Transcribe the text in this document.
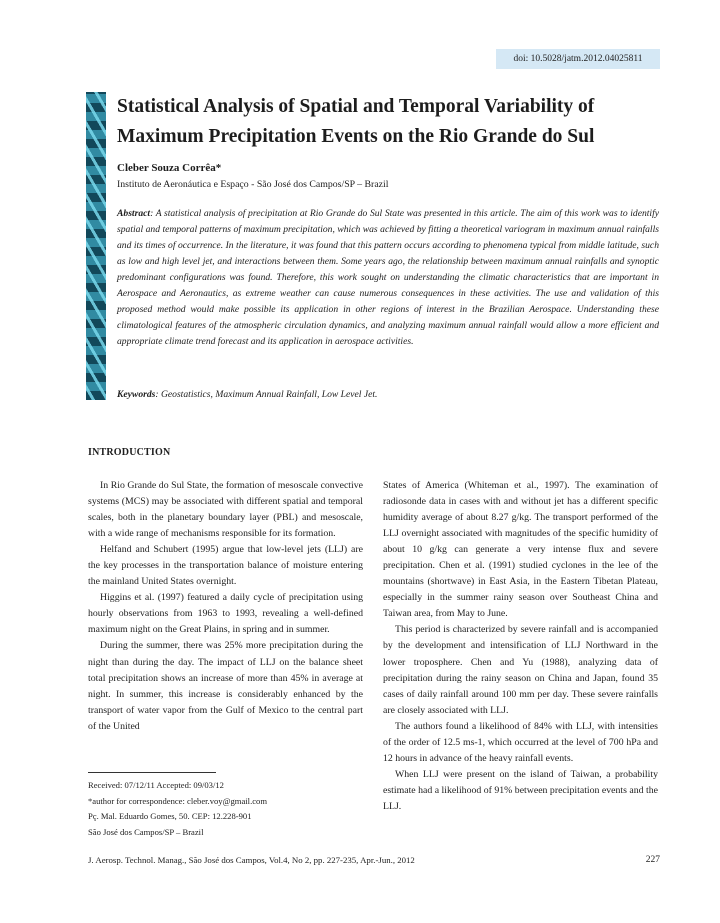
doi: 10.5028/jatm.2012.04025811
Statistical Analysis of Spatial and Temporal Variability of Maximum Precipitation Events on the Rio Grande do Sul
Cleber Souza Corrêa*
Instituto de Aeronáutica e Espaço - São José dos Campos/SP – Brazil

Abstract: A statistical analysis of precipitation at Rio Grande do Sul State was presented in this article. The aim of this work was to identify spatial and temporal patterns of maximum precipitation, which was achieved by fitting a theoretical variogram in maximum annual rainfalls and its times of occurrence. In the literature, it was found that this pattern occurs according to phenomena typical from middle latitude, such as low and high level jet, and interactions between them. Some years ago, the relationship between maximum annual rainfalls and synoptic predominant configurations was found. Therefore, this work sought on understanding the climatic characteristics that are important in Aerospace and Aeronautics, as extreme weather can cause numerous consequences in these activities. The use and validation of this proposed method would make possible its application in other regions of interest in the Brazilian Aerospace. Understanding these climatological features of the atmospheric circulation dynamics, and analyzing maximum annual rainfall would allow a more efficient and appropriate climate trend forecast and its application in aerospace activities.

Keywords: Geostatistics, Maximum Annual Rainfall, Low Level Jet.
INTRODUCTION

In Rio Grande do Sul State, the formation of mesoscale convective systems (MCS) may be associated with different spatial and temporal scales, both in the planetary boundary layer (PBL) and mesoscale, with a wide range of mechanisms responsible for its formation.

Helfand and Schubert (1995) argue that low-level jets (LLJ) are the key processes in the transportation balance of moisture entering the mainland United States overnight.

Higgins et al. (1997) featured a daily cycle of precipitation using hourly observations from 1963 to 1993, revealing a well-defined maximum night on the Great Plains, in spring and in summer.

During the summer, there was 25% more precipitation during the night than during the day. The impact of LLJ on the balance sheet total precipitation shows an increase of more than 45% in average at night. In summer, this increase is considerably enhanced by the transport of water vapor from the Gulf of Mexico to the central part of the United

States of America (Whiteman et al., 1997). The examination of radiosonde data in cases with and without jet has a different specific humidity average of about 8.27 g/kg. The transport performed of the LLJ overnight associated with magnitudes of the specific humidity of about 10 g/kg can generate a very intense flux and severe precipitation. Chen et al. (1991) studied cyclones in the lee of the mountains (shortwave) in East Asia, in the Eastern Tibetan Plateau, especially in the summer rainy season over Southeast China and Taiwan area, from May to June.

This period is characterized by severe rainfall and is accompanied by the development and intensification of LLJ Northward in the lower troposphere. Chen and Yu (1988), analyzing data of precipitation during the rainy season on China and Japan, found 35 cases of daily rainfall around 100 mm per day. These severe rainfalls are closely associated with LLJ.

The authors found a likelihood of 84% with LLJ, with intensities of the order of 12.5 ms-1, which occurred at the level of 700 hPa and 12 hours in advance of the heavy rainfall events.

When LLJ were present on the island of Taiwan, a probability estimate had a likelihood of 91% between precipitation events and the LLJ.

Received: 07/12/11 Accepted: 09/03/12
*author for correspondence: cleber.voy@gmail.com
Pç. Mal. Eduardo Gomes, 50. CEP: 12.228-901
São José dos Campos/SP – Brazil
J. Aerosp. Technol. Manag., São José dos Campos, Vol.4, No 2, pp. 227-235, Apr.-Jun., 2012	227
